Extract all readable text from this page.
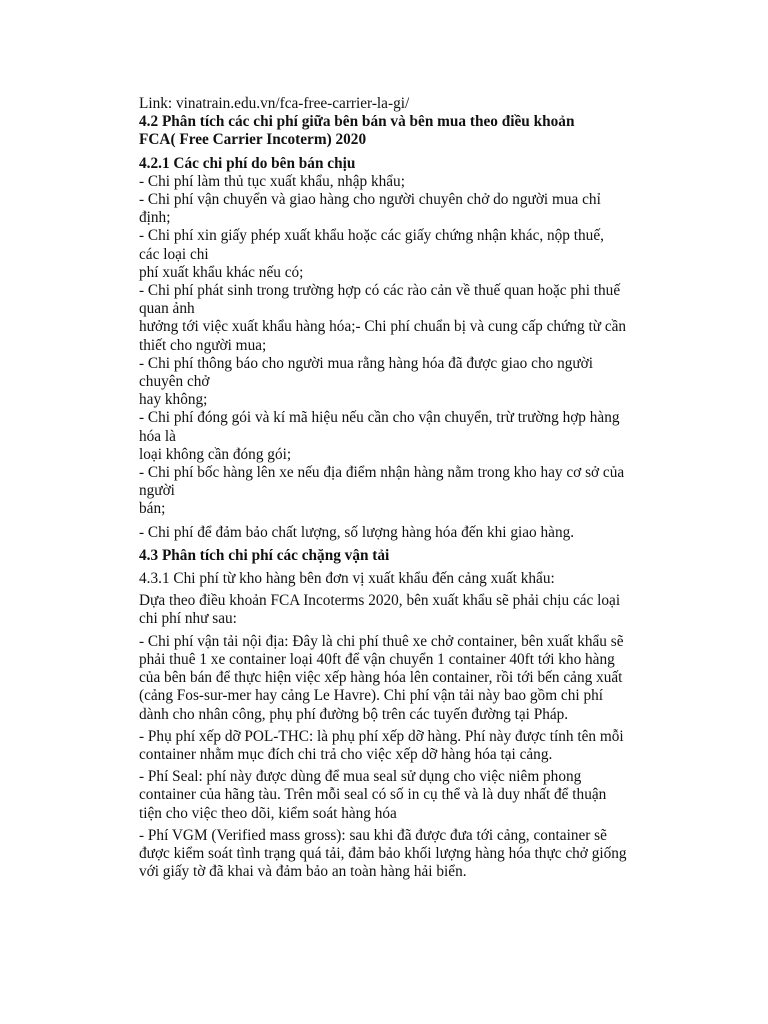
Link: vinatrain.edu.vn/fca-free-carrier-la-gi/
4.2 Phân tích các chi phí giữa bên bán và bên mua theo điều khoản
FCA( Free Carrier Incoterm) 2020
4.2.1 Các chi phí do bên bán chịu
- Chi phí làm thủ tục xuất khẩu, nhập khẩu;
- Chi phí vận chuyển và giao hàng cho người chuyên chở do người mua chỉ
định;
- Chi phí xin giấy phép xuất khẩu hoặc các giấy chứng nhận khác, nộp thuế,
các loại chi
phí xuất khẩu khác nếu có;
- Chi phí phát sinh trong trường hợp có các rào cản về thuế quan hoặc phi thuế
quan ảnh
hưởng tới việc xuất khẩu hàng hóa;- Chi phí chuẩn bị và cung cấp chứng từ cần
thiết cho người mua;
- Chi phí thông báo cho người mua rằng hàng hóa đã được giao cho người
chuyên chở
hay không;
- Chi phí đóng gói và kí mã hiệu nếu cần cho vận chuyển, trừ trường hợp hàng
hóa là
loại không cần đóng gói;
- Chi phí bốc hàng lên xe nếu địa điểm nhận hàng nằm trong kho hay cơ sở của
người
bán;
- Chi phí để đảm bảo chất lượng, số lượng hàng hóa đến khi giao hàng.
4.3 Phân tích chi phí các chặng vận tải
4.3.1 Chi phí từ kho hàng bên đơn vị xuất khẩu đến cảng xuất khẩu:
Dựa theo điều khoản FCA Incoterms 2020, bên xuất khẩu sẽ phải chịu các loại
chi phí như sau:
- Chi phí vận tải nội địa: Đây là chi phí thuê xe chở container, bên xuất khẩu sẽ
phải thuê 1 xe container loại 40ft để vận chuyển 1 container 40ft tới kho hàng
của bên bán để thực hiện việc xếp hàng hóa lên container, rồi tới bến cảng xuất
(cảng Fos-sur-mer hay cảng Le Havre). Chi phí vận tải này bao gồm chi phí
dành cho nhân công, phụ phí đường bộ trên các tuyến đường tại Pháp.
- Phụ phí xếp dỡ POL-THC: là phụ phí xếp dỡ hàng. Phí này được tính tên mỗi
container nhằm mục đích chi trả cho việc xếp dỡ hàng hóa tại cảng.
- Phí Seal: phí này được dùng để mua seal sử dụng cho việc niêm phong
container của hãng tàu. Trên mỗi seal có số in cụ thể và là duy nhất để thuận
tiện cho việc theo dõi, kiểm soát hàng hóa
- Phí VGM (Verified mass gross): sau khi đã được đưa tới cảng, container sẽ
được kiểm soát tình trạng quá tải, đảm bảo khối lượng hàng hóa thực chở giống
với giấy tờ đã khai và đảm bảo an toàn hàng hải biển.
